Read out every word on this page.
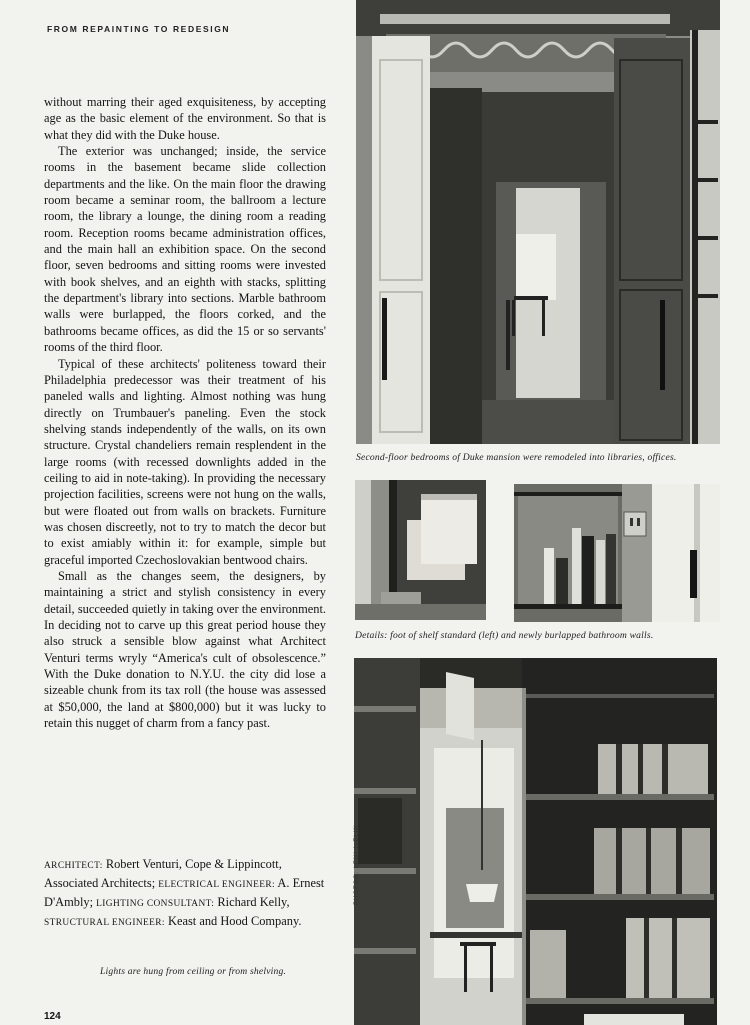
FROM REPAINTING TO REDESIGN

without marring their aged exquisiteness, by accepting age as the basic element of the environment. So that is what they did with the Duke house.

The exterior was unchanged; inside, the service rooms in the basement became slide collection departments and the like. On the main floor the drawing room became a seminar room, the ballroom a lecture room, the library a lounge, the dining room a reading room. Reception rooms became administration offices, and the main hall an exhibition space. On the second floor, seven bedrooms and sitting rooms were invested with book shelves, and an eighth with stacks, splitting the department's library into sections. Marble bathroom walls were burlapped, the floors corked, and the bathrooms became offices, as did the 15 or so servants' rooms of the third floor.

Typical of these architects' politeness toward their Philadelphia predecessor was their treatment of his paneled walls and lighting. Almost nothing was hung directly on Trumbauer's paneling. Even the stock shelving stands independently of the walls, on its own structure. Crystal chandeliers remain resplendent in the large rooms (with recessed downlights added in the ceiling to aid in note-taking). In providing the necessary projection facilities, screens were not hung on the walls, but were floated out from walls on brackets. Furniture was chosen discreetly, not to try to match the decor but to exist amiably within it: for example, simple but graceful imported Czechoslovakian bentwood chairs.

Small as the changes seem, the designers, by maintaining a strict and stylish consistency in every detail, succeeded quietly in taking over the environment. In deciding not to carve up this great period house they also struck a sensible blow against what Architect Venturi terms wryly “America's cult of obsolescence.” With the Duke donation to N.Y.U. the city did lose a sizeable chunk from its tax roll (the house was assessed at $50,000, the land at $800,000) but it was lucky to retain this nugget of charm from a fancy past.

ARCHITECT: Robert Venturi, Cope & Lippincott, Associated Architects; ELECTRICAL ENGINEER: A. Ernest D'Ambly; LIGHTING CONSULTANT: Richard Kelly, STRUCTURAL ENGINEER: Keast and Hood Company.
Second-floor bedrooms of Duke mansion were remodeled into libraries, offices.
Details: foot of shelf standard (left) and newly burlapped bathroom walls.
PHOTOS: LENI IsELIN
Lights are hung from ceiling or from shelving.
124
